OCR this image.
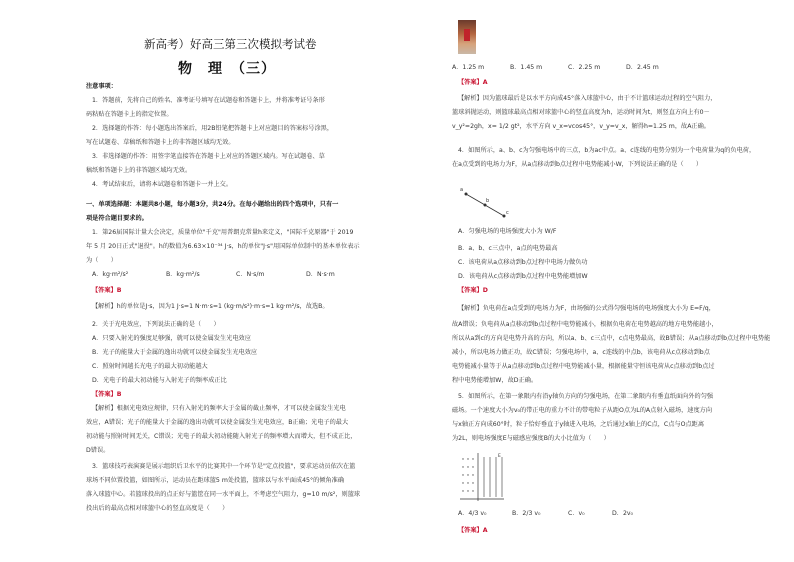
新高考）好高三第三次模拟考试卷
物　理　（三）
注意事项：
1．答题前，先将自己的姓名、准考证号填写在试题卷和答题卡上，并将准考证号条形
码粘贴在答题卡上的指定位置。
2．选择题的作答：每小题选出答案后，用2B铅笔把答题卡上对应题目的答案标号涂黑，
写在试题卷、草稿纸和答题卡上的非答题区域均无效。
3．非选择题的作答：用签字笔直接答在答题卡上对应的答题区域内。写在试题卷、草
稿纸和答题卡上的非答题区域均无效。
4．考试结束后，请将本试题卷和答题卡一并上交。
一、单项选择题：本题共8小题，每小题3分，共24分。在每小题给出的四个选项中，只有一
项是符合题目要求的。
1．第26届国际计量大会决定，质量单位"千克"用普朗克常量h来定义，"国际千克原器"于 2019
年 5 月 20日正式"退役"。h的数值为6.63×10⁻³⁴ J·s，h的单位"J·s"用国际单位制中的基本单位表示
为（　　）
A．kg·m²/s²	B．kg·m²/s	C．N·s/m	D．N·s·m
【答案】B
【解析】h的单位是J·s，因为1 J·s=1 N·m·s=1 (kg·m/s²)·m·s=1 kg·m²/s，故选B。
2．关于光电效应，下列说法正确的是（　　）
A．只要入射光的强度足够强，就可以使金属发生光电效应
B．光子的能量大于金属的逸出功就可以使金属发生光电效应
C．照射时间越长光电子的最大初动能越大
D．光电子的最大初动能与入射光子的频率成正比
【答案】B
【解析】根据光电效应规律，只有入射光的频率大于金属的截止频率，才可以使金属发生光电
效应，A错误；光子的能量大于金属的逸出功就可以使金属发生光电效应，B正确；光电子的最大
初动能与照射时间无关，C错误；光电子的最大初动能随入射光子的频率增大而增大，但不成正比，
D错误。
3．篮球技巧表演赛是展示组织后卫水平的比赛其中一个环节是"定点投篮"，要求运动员依次在篮
球场不同位置投篮，如图所示，运动员在距球篮5 m处投篮，篮球以与水平面成45°的倾角准确
落入球篮中心。若篮球投出的点正好与篮筐在同一水平面上，不考虑空气阻力，g=10 m/s²，则篮球
投出后的最高点相对球篮中心的竖直高度是（　　）
A．1.25 m	B．1.45 m	C．2.25 m	D．2.45 m
【答案】A
【解析】因为篮球最后是以水平方向成45°落入球篮中心，由于不计篮球运动过程的空气阻力，
篮球斜抛运动，则篮球最高点相对球篮中心的竖直高度为h，运动时间为t，则竖直方向上有0－
v_y²=2gh，x= 1/2 gt²，水平方向 v_x=vcos45°，v_y=v_x，解得h=1.25 m，故A正确。
4．如图所示，a、b、c为匀强电场中的三点，b为ac中点。a、c连线的电势分别为一个电荷量为q的负电荷，
在a点受到的电场力为F，从a点移动到b点过程中电势能减小W，下列说法正确的是（　　）
a
b
c
A．匀强电场的电场强度大小为 W/F
B．a、b、c三点中，a点的电势最高
C．该电荷从a点移动到b点过程中电场力做负功
D．该电荷从c点移动到b点过程中电势能增加W
【答案】D
【解析】负电荷在a点受到的电场力为F，由场强的公式得匀强电场的电场强度大小为 E=F/q，
故A错误；负电荷从a点移动到b点过程中电势能减小，根据负电荷在电势越高的地方电势能越小，
所以从a到c的方向是电势升高的方向，所以a、b、c三点中，c点电势最高，故B错误；从a点移动到b点过程中电势能
减小，所以电场力做正功，故C错误；匀强电场中，a、c连线的中点b，该电荷从c点移动到b点
电势能减小量等于从a点移动到b点过程中电势能减小量，根据能量守恒该电荷从c点移动到b点过
程中电势能增加W，故D正确。
5．如图所示，在第一象限内有沿y轴负方向的匀强电场，在第二象限内有垂直纸面向外的匀强
磁场。一个速度大小为v₀的带正电的重力不计的带电粒子从距O点为L的A点射入磁场，速度方向
与x轴正方向成60°时，粒子恰好垂直于y轴进入电场，之后通过x轴上的C点，C点与O点距离
为2L，则电场强度E与磁感应强度B的大小比值为（　　）
E
A．4/3 v₀	B．2/3 v₀	C．v₀	D．2v₀
【答案】A
